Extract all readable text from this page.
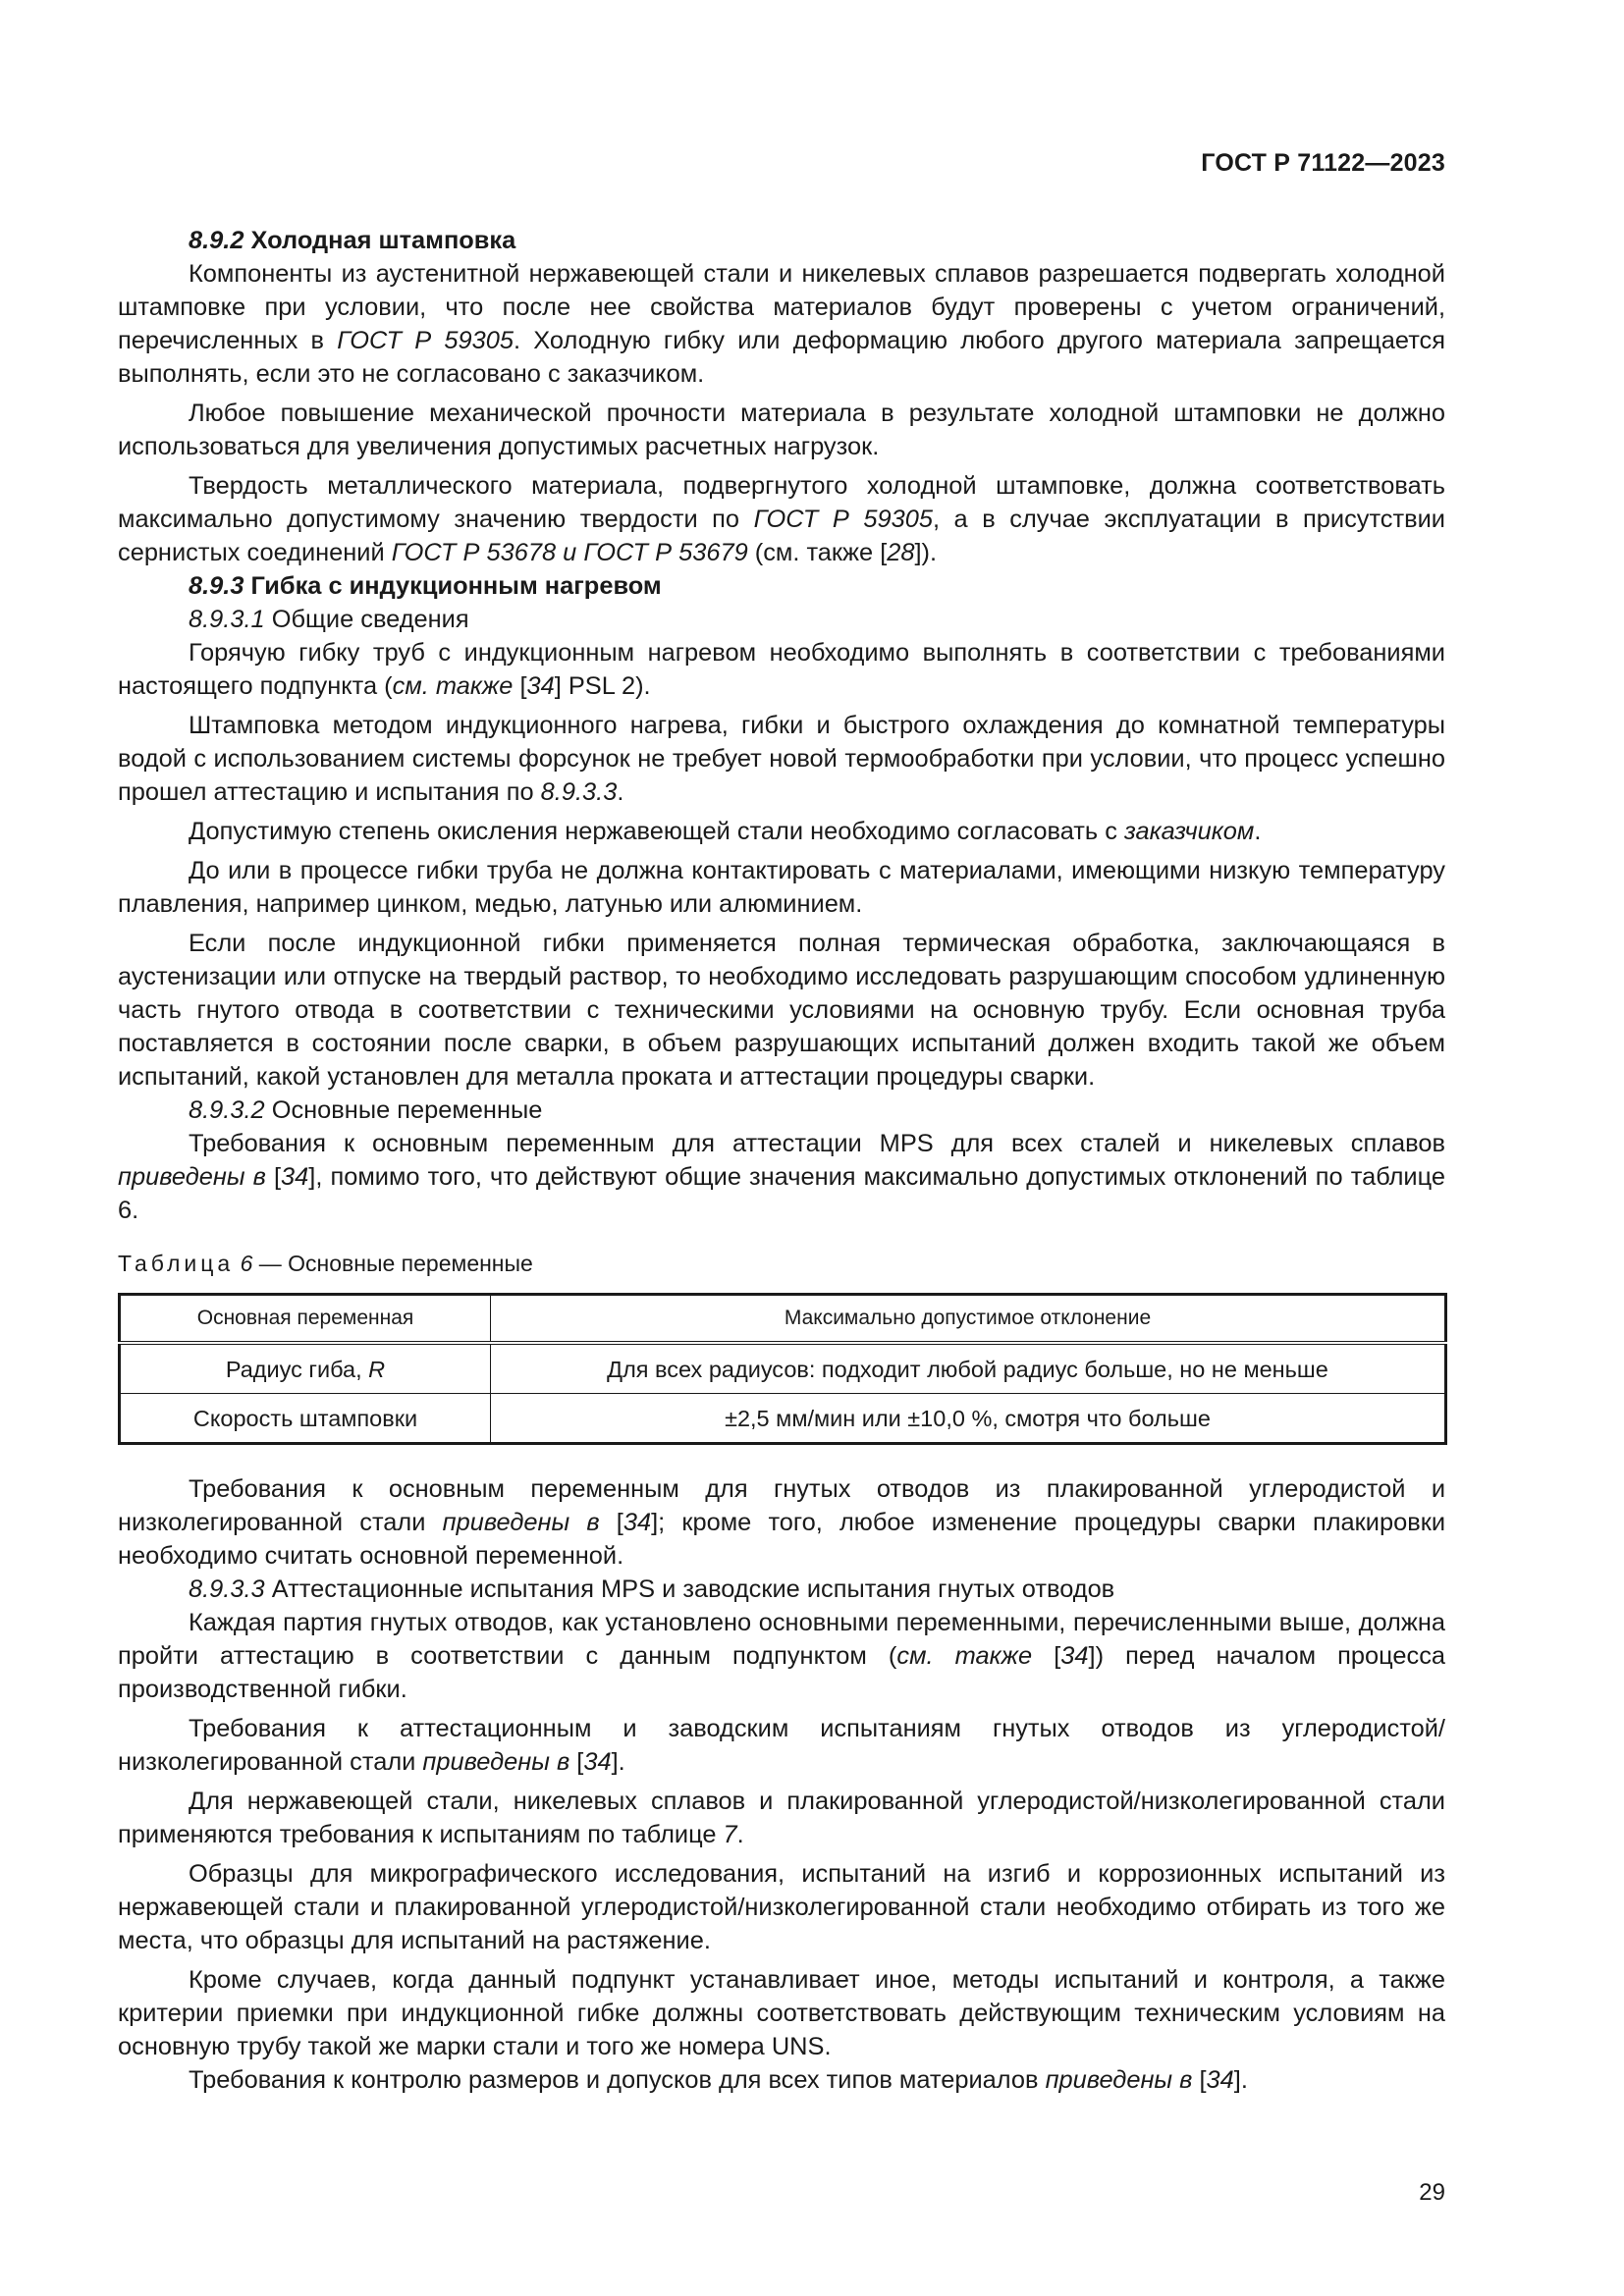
ГОСТ Р 71122—2023

8.9.2 Холодная штамповка

Компоненты из аустенитной нержавеющей стали и никелевых сплавов разрешается подвергать холодной штамповке при условии, что после нее свойства материалов будут проверены с учетом ограничений, перечисленных в ГОСТ Р 59305. Холодную гибку или деформацию любого другого материала запрещается выполнять, если это не согласовано с заказчиком.

Любое повышение механической прочности материала в результате холодной штамповки не должно использоваться для увеличения допустимых расчетных нагрузок.

Твердость металлического материала, подвергнутого холодной штамповке, должна соответствовать максимально допустимому значению твердости по ГОСТ Р 59305, а в случае эксплуатации в присутствии сернистых соединений ГОСТ Р 53678 и ГОСТ Р 53679 (см. также [28]).

8.9.3 Гибка с индукционным нагревом

8.9.3.1 Общие сведения

Горячую гибку труб с индукционным нагревом необходимо выполнять в соответствии с требованиями настоящего подпункта (см. также [34] PSL 2).

Штамповка методом индукционного нагрева, гибки и быстрого охлаждения до комнатной температуры водой с использованием системы форсунок не требует новой термообработки при условии, что процесс успешно прошел аттестацию и испытания по 8.9.3.3.

Допустимую степень окисления нержавеющей стали необходимо согласовать с заказчиком.

До или в процессе гибки труба не должна контактировать с материалами, имеющими низкую температуру плавления, например цинком, медью, латунью или алюминием.

Если после индукционной гибки применяется полная термическая обработка, заключающаяся в аустенизации или отпуске на твердый раствор, то необходимо исследовать разрушающим способом удлиненную часть гнутого отвода в соответствии с техническими условиями на основную трубу. Если основная труба поставляется в состоянии после сварки, в объем разрушающих испытаний должен входить такой же объем испытаний, какой установлен для металла проката и аттестации процедуры сварки.

8.9.3.2 Основные переменные

Требования к основным переменным для аттестации MPS для всех сталей и никелевых сплавов приведены в [34], помимо того, что действуют общие значения максимально допустимых отклонений по таблице 6.

Таблица 6 — Основные переменные

Основная переменная	Максимально допустимое отклонение
Радиус гиба, R	Для всех радиусов: подходит любой радиус больше, но не меньше
Скорость штамповки	±2,5 мм/мин или ±10,0 %, смотря что больше

Требования к основным переменным для гнутых отводов из плакированной углеродистой и низколегированной стали приведены в [34]; кроме того, любое изменение процедуры сварки плакировки необходимо считать основной переменной.

8.9.3.3 Аттестационные испытания MPS и заводские испытания гнутых отводов

Каждая партия гнутых отводов, как установлено основными переменными, перечисленными выше, должна пройти аттестацию в соответствии с данным подпунктом (см. также [34]) перед началом процесса производственной гибки.

Требования к аттестационным и заводским испытаниям гнутых отводов из углеродистой/низколегированной стали приведены в [34].

Для нержавеющей стали, никелевых сплавов и плакированной углеродистой/низколегированной стали применяются требования к испытаниям по таблице 7.

Образцы для микрографического исследования, испытаний на изгиб и коррозионных испытаний из нержавеющей стали и плакированной углеродистой/низколегированной стали необходимо отбирать из того же места, что образцы для испытаний на растяжение.

Кроме случаев, когда данный подпункт устанавливает иное, методы испытаний и контроля, а также критерии приемки при индукционной гибке должны соответствовать действующим техническим условиям на основную трубу такой же марки стали и того же номера UNS.

Требования к контролю размеров и допусков для всех типов материалов приведены в [34].

29
